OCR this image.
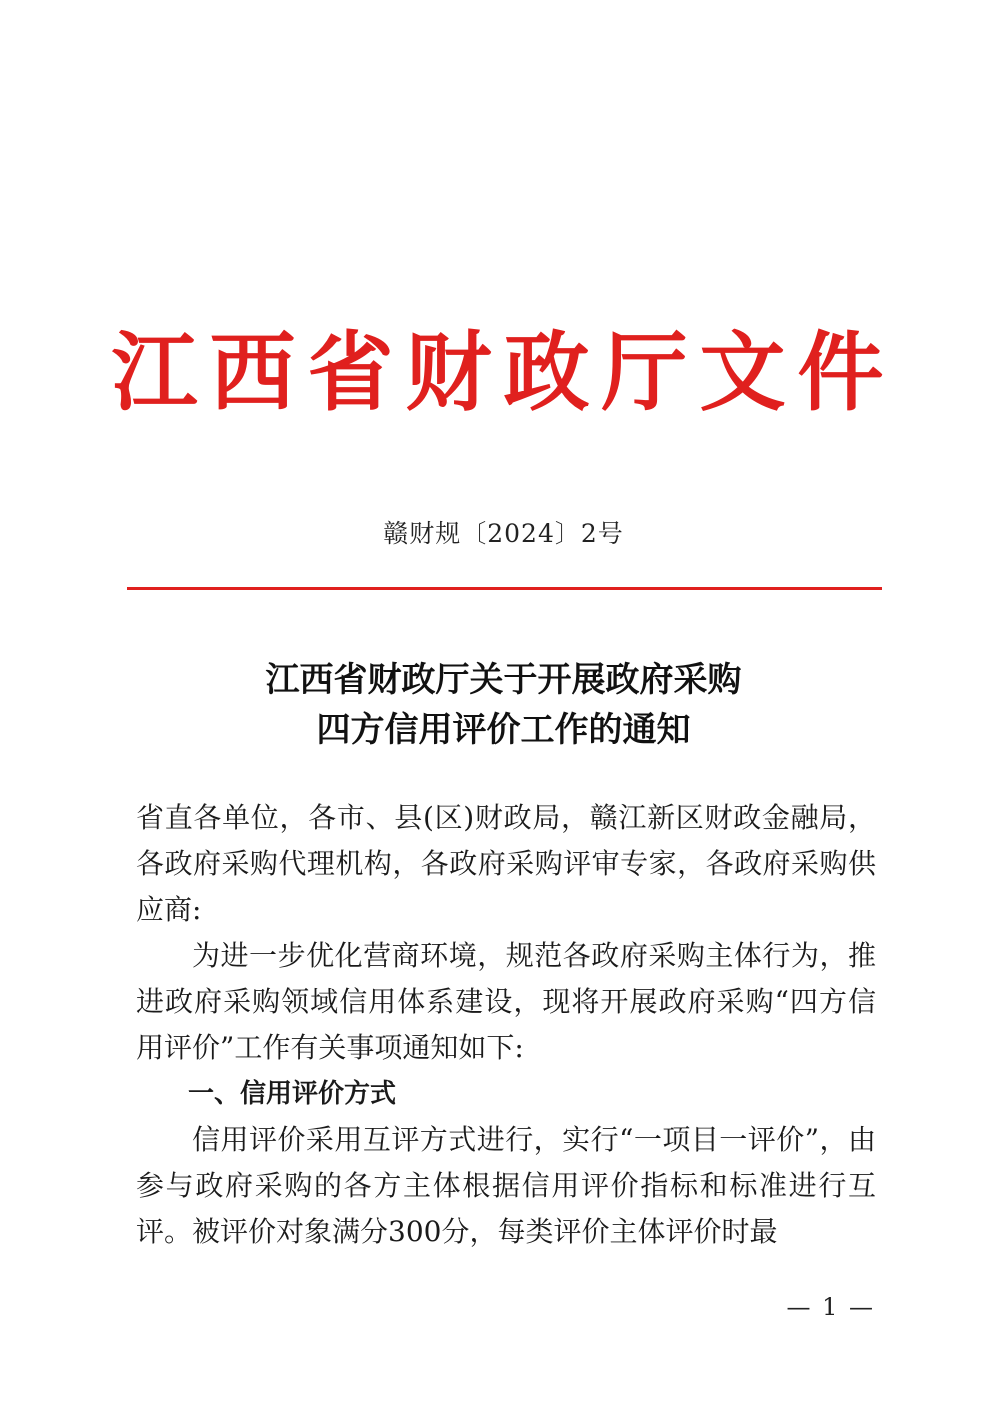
江西省财政厅文件
赣财规〔2024〕2号
江西省财政厅关于开展政府采购
四方信用评价工作的通知

省直各单位，各市、县(区)财政局，赣江新区财政金融局，各政府采购代理机构，各政府采购评审专家，各政府采购供应商:

为进一步优化营商环境，规范各政府采购主体行为，推进政府采购领域信用体系建设，现将开展政府采购“四方信用评价”工作有关事项通知如下:

一、信用评价方式

信用评价采用互评方式进行，实行“一项目一评价”，由参与政府采购的各方主体根据信用评价指标和标准进行互评。被评价对象满分300分，每类评价主体评价时最

— 1 —
